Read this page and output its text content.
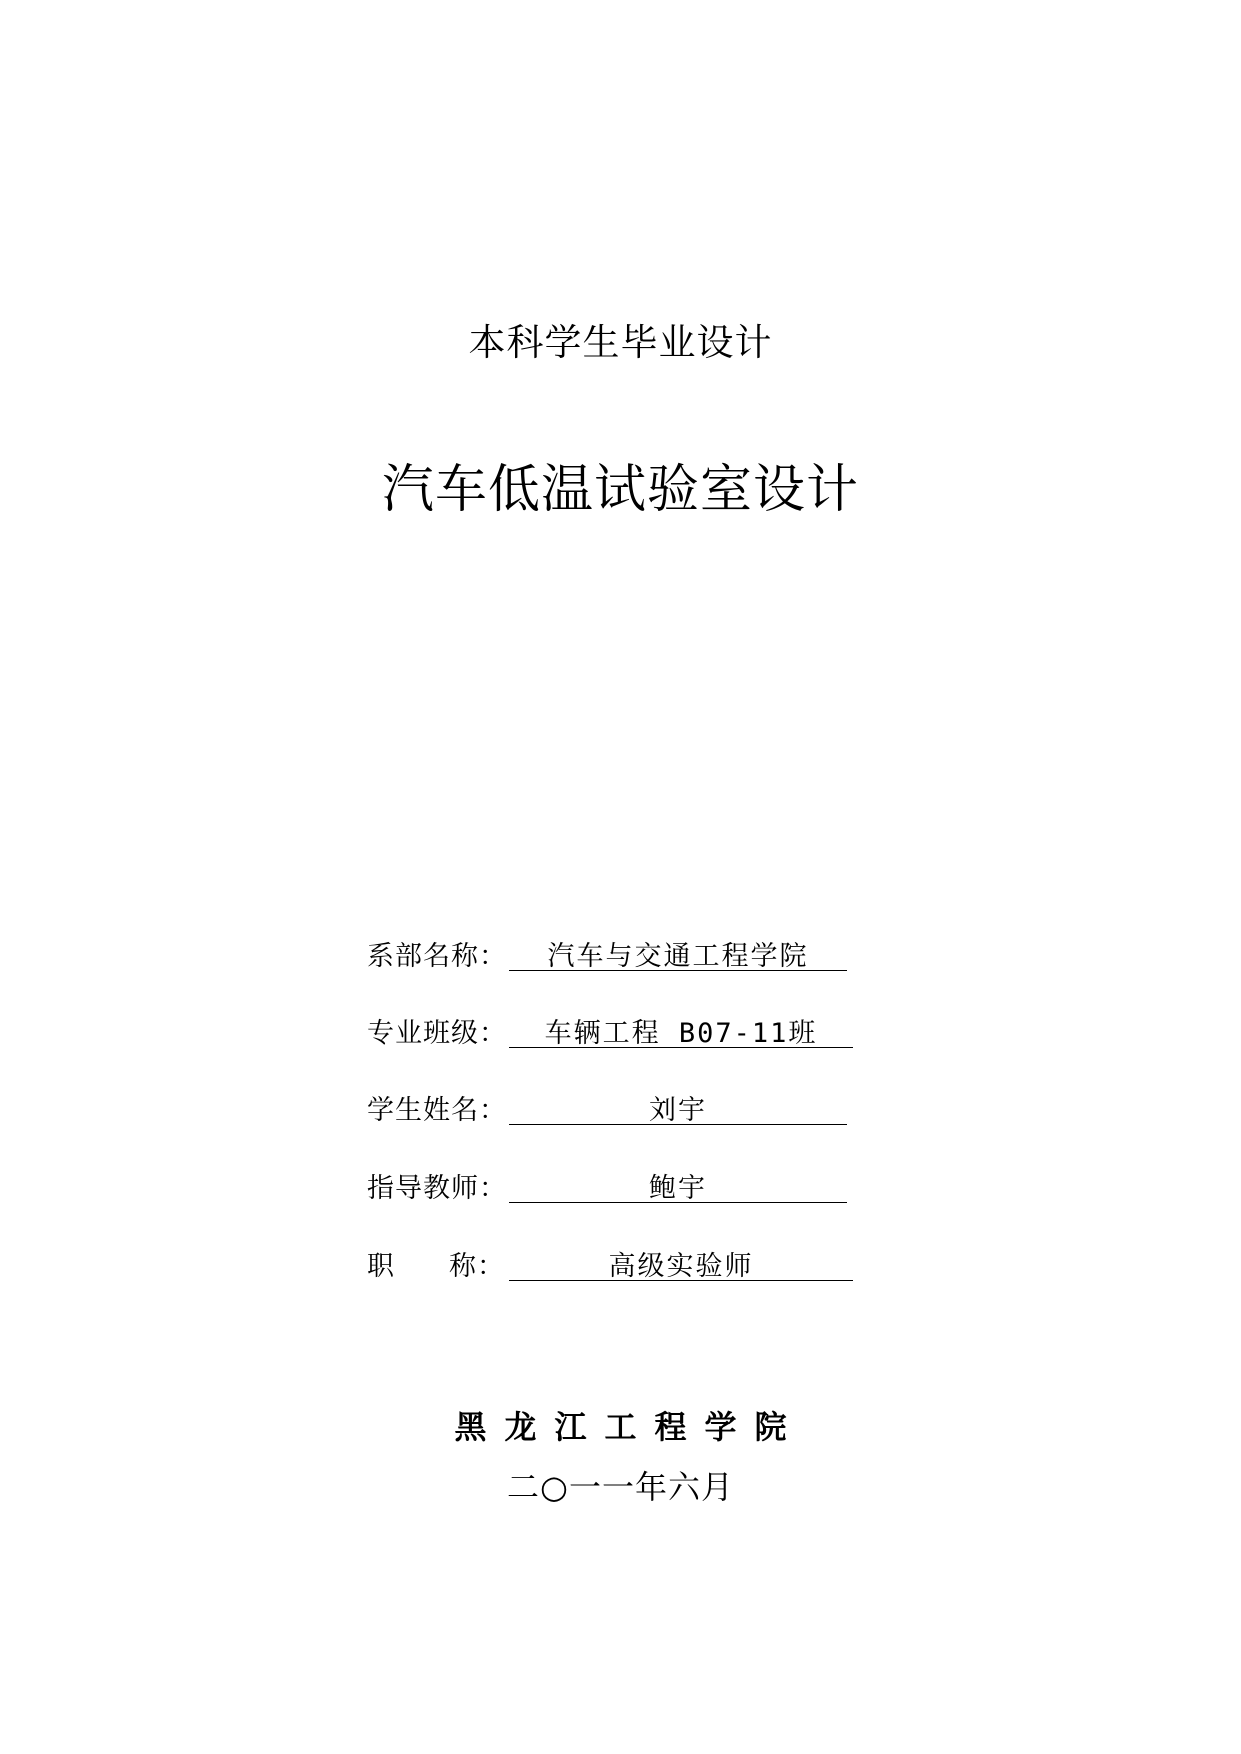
本科学生毕业设计
汽车低温试验室设计
系部名称：	汽车与交通工程学院
专业班级：	车辆工程 B07-11班
学生姓名：	刘宇
指导教师：	鲍宇
职 称：	高级实验师
黑龙江工程学院
二○一一年六月
